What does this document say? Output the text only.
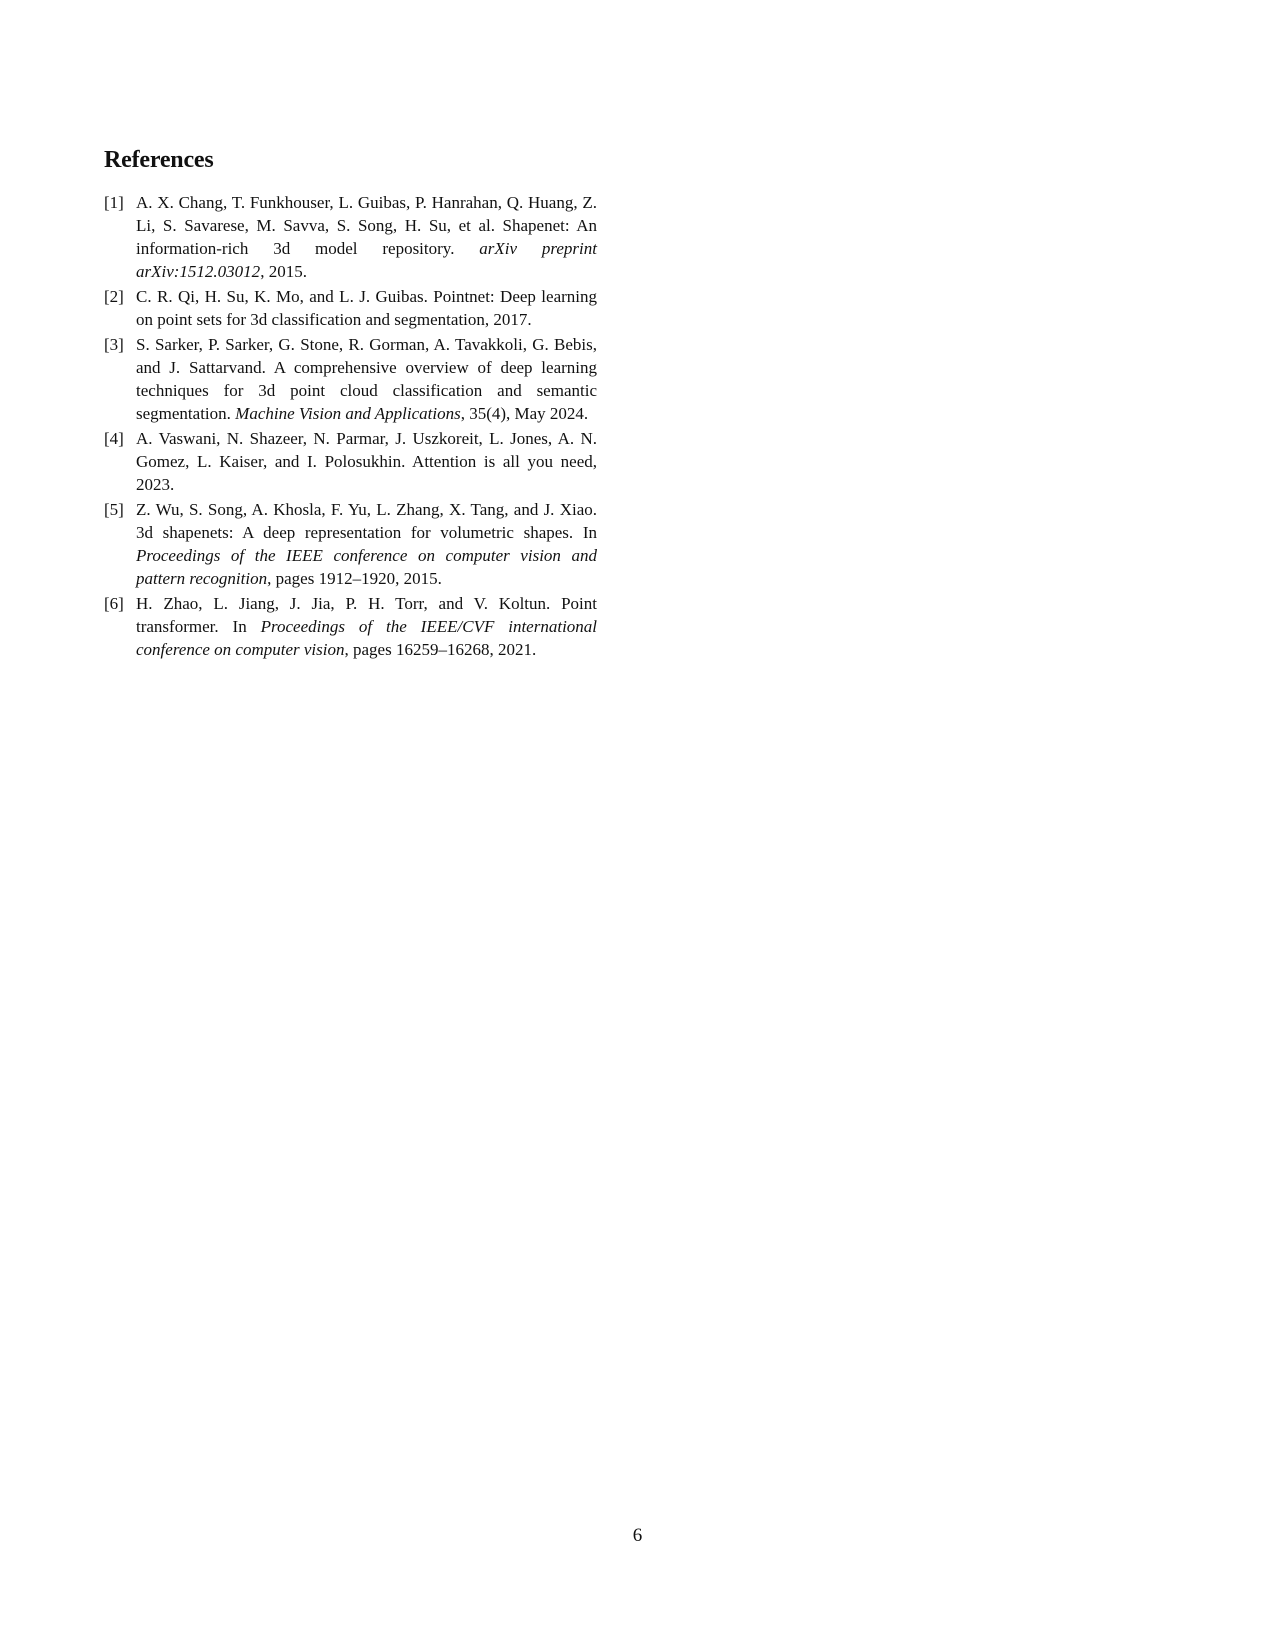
References
[1] A. X. Chang, T. Funkhouser, L. Guibas, P. Hanrahan, Q. Huang, Z. Li, S. Savarese, M. Savva, S. Song, H. Su, et al. Shapenet: An information-rich 3d model repository. arXiv preprint arXiv:1512.03012, 2015.
[2] C. R. Qi, H. Su, K. Mo, and L. J. Guibas. Pointnet: Deep learning on point sets for 3d classification and segmentation, 2017.
[3] S. Sarker, P. Sarker, G. Stone, R. Gorman, A. Tavakkoli, G. Bebis, and J. Sattarvand. A comprehensive overview of deep learning techniques for 3d point cloud classification and semantic segmentation. Machine Vision and Applications, 35(4), May 2024.
[4] A. Vaswani, N. Shazeer, N. Parmar, J. Uszkoreit, L. Jones, A. N. Gomez, L. Kaiser, and I. Polosukhin. Attention is all you need, 2023.
[5] Z. Wu, S. Song, A. Khosla, F. Yu, L. Zhang, X. Tang, and J. Xiao. 3d shapenets: A deep representation for volumetric shapes. In Proceedings of the IEEE conference on computer vision and pattern recognition, pages 1912–1920, 2015.
[6] H. Zhao, L. Jiang, J. Jia, P. H. Torr, and V. Koltun. Point transformer. In Proceedings of the IEEE/CVF international conference on computer vision, pages 16259–16268, 2021.
6
